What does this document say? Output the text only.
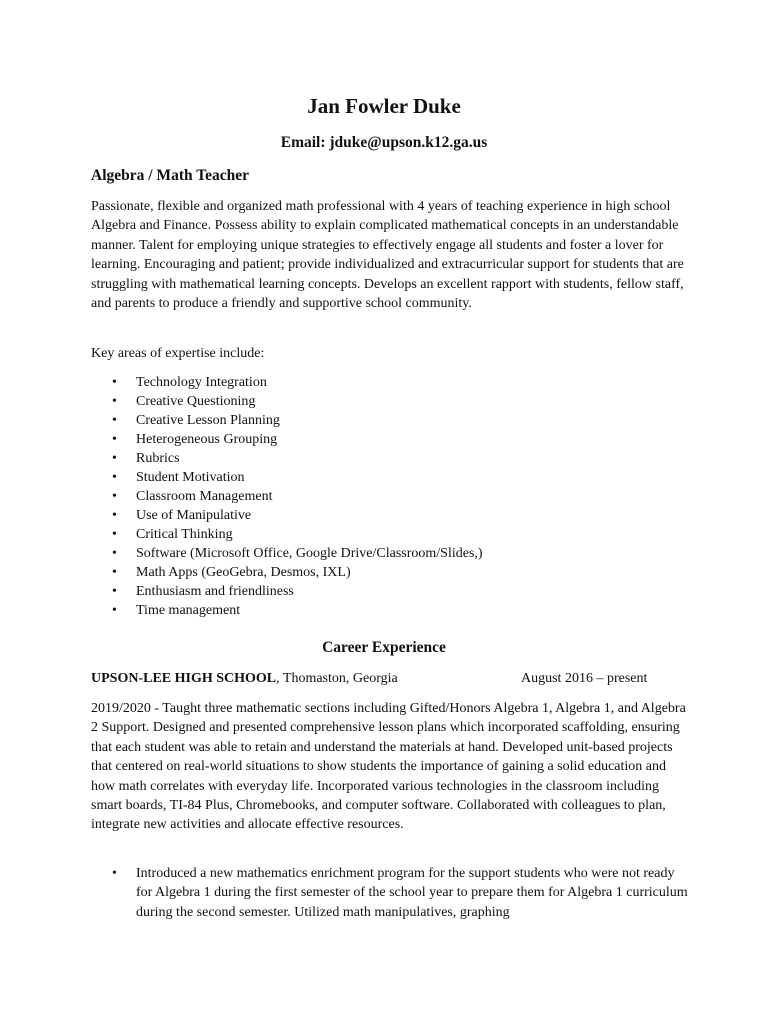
Jan Fowler Duke

Email: jduke@upson.k12.ga.us

Algebra / Math Teacher

Passionate, flexible and organized math professional with 4 years of teaching experience in high school Algebra and Finance. Possess ability to explain complicated mathematical concepts in an understandable manner. Talent for employing unique strategies to effectively engage all students and foster a lover for learning. Encouraging and patient; provide individualized and extracurricular support for students that are struggling with mathematical learning concepts. Develops an excellent rapport with students, fellow staff, and parents to produce a friendly and supportive school community.

Key areas of expertise include:

• Technology Integration
• Creative Questioning
• Creative Lesson Planning
• Heterogeneous Grouping
• Rubrics
• Student Motivation
• Classroom Management
• Use of Manipulative
• Critical Thinking
• Software (Microsoft Office, Google Drive/Classroom/Slides,)
• Math Apps (GeoGebra, Desmos, IXL)
• Enthusiasm and friendliness
• Time management
Career Experience

UPSON-LEE HIGH SCHOOL, Thomaston, Georgia	August 2016 – present

2019/2020 - Taught three mathematic sections including Gifted/Honors Algebra 1, Algebra 1, and Algebra 2 Support. Designed and presented comprehensive lesson plans which incorporated scaffolding, ensuring that each student was able to retain and understand the materials at hand. Developed unit-based projects that centered on real-world situations to show students the importance of gaining a solid education and how math correlates with everyday life. Incorporated various technologies in the classroom including smart boards, TI-84 Plus, Chromebooks, and computer software. Collaborated with colleagues to plan, integrate new activities and allocate effective resources.

• Introduced a new mathematics enrichment program for the support students who were not ready for Algebra 1 during the first semester of the school year to prepare them for Algebra 1 curriculum during the second semester. Utilized math manipulatives, graphing
